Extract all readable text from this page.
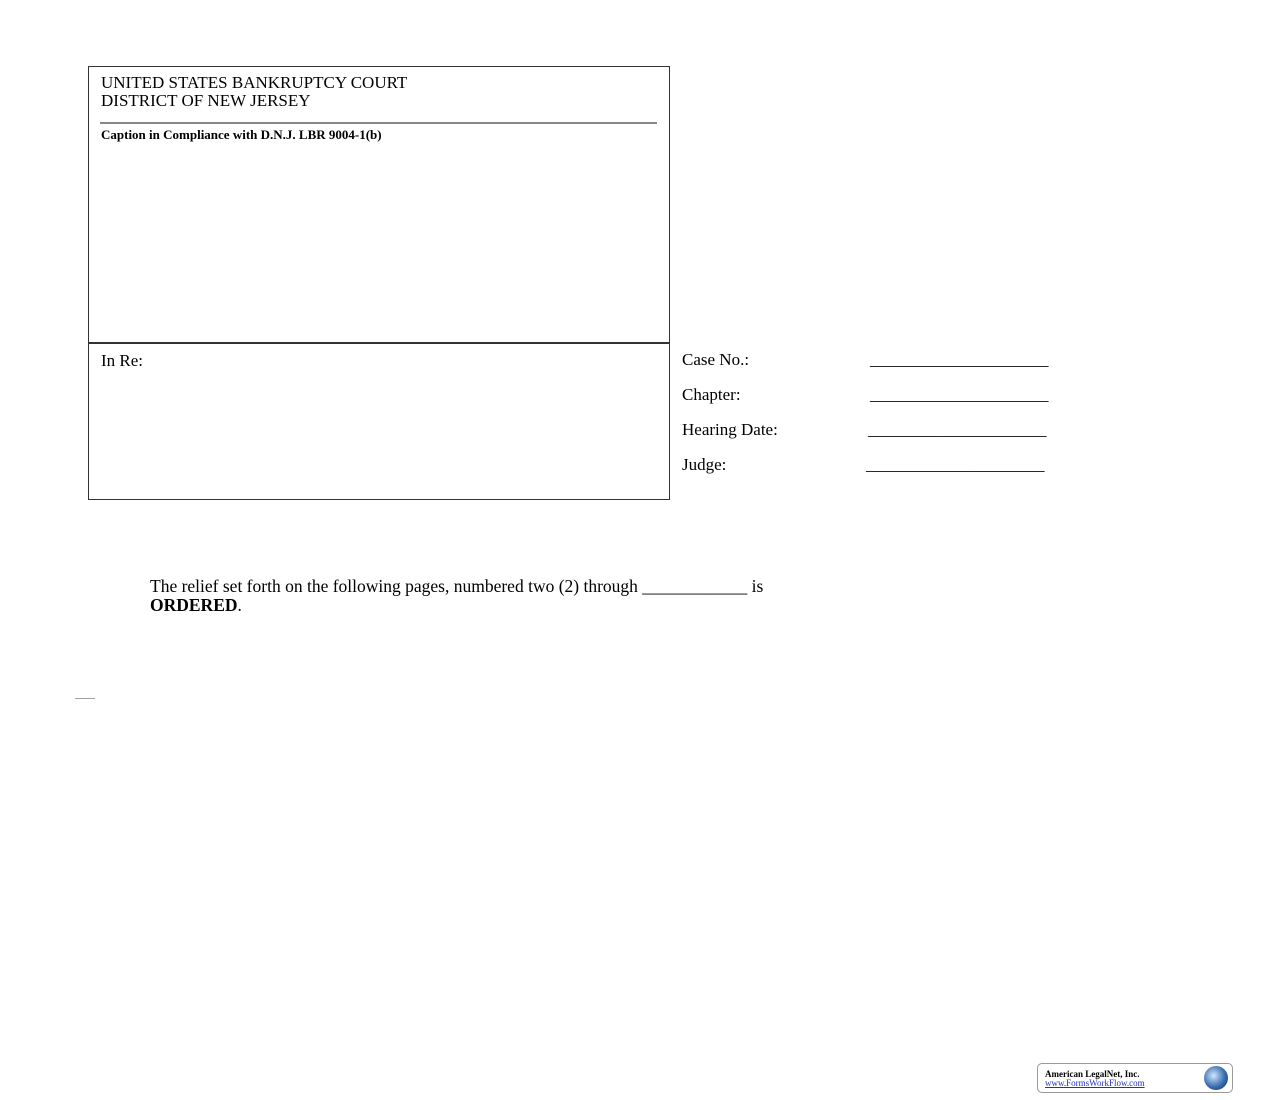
UNITED STATES BANKRUPTCY COURT
DISTRICT OF NEW JERSEY
Caption in Compliance with D.N.J. LBR 9004-1(b)
In Re:	Case No.:	_____________________
Chapter:	_____________________
Hearing Date:	_____________________
Judge:	_____________________
The relief set forth on the following pages, numbered two (2) through ____________ is
ORDERED.
..........
American LegalNet, Inc.
www.FormsWorkFlow.com
